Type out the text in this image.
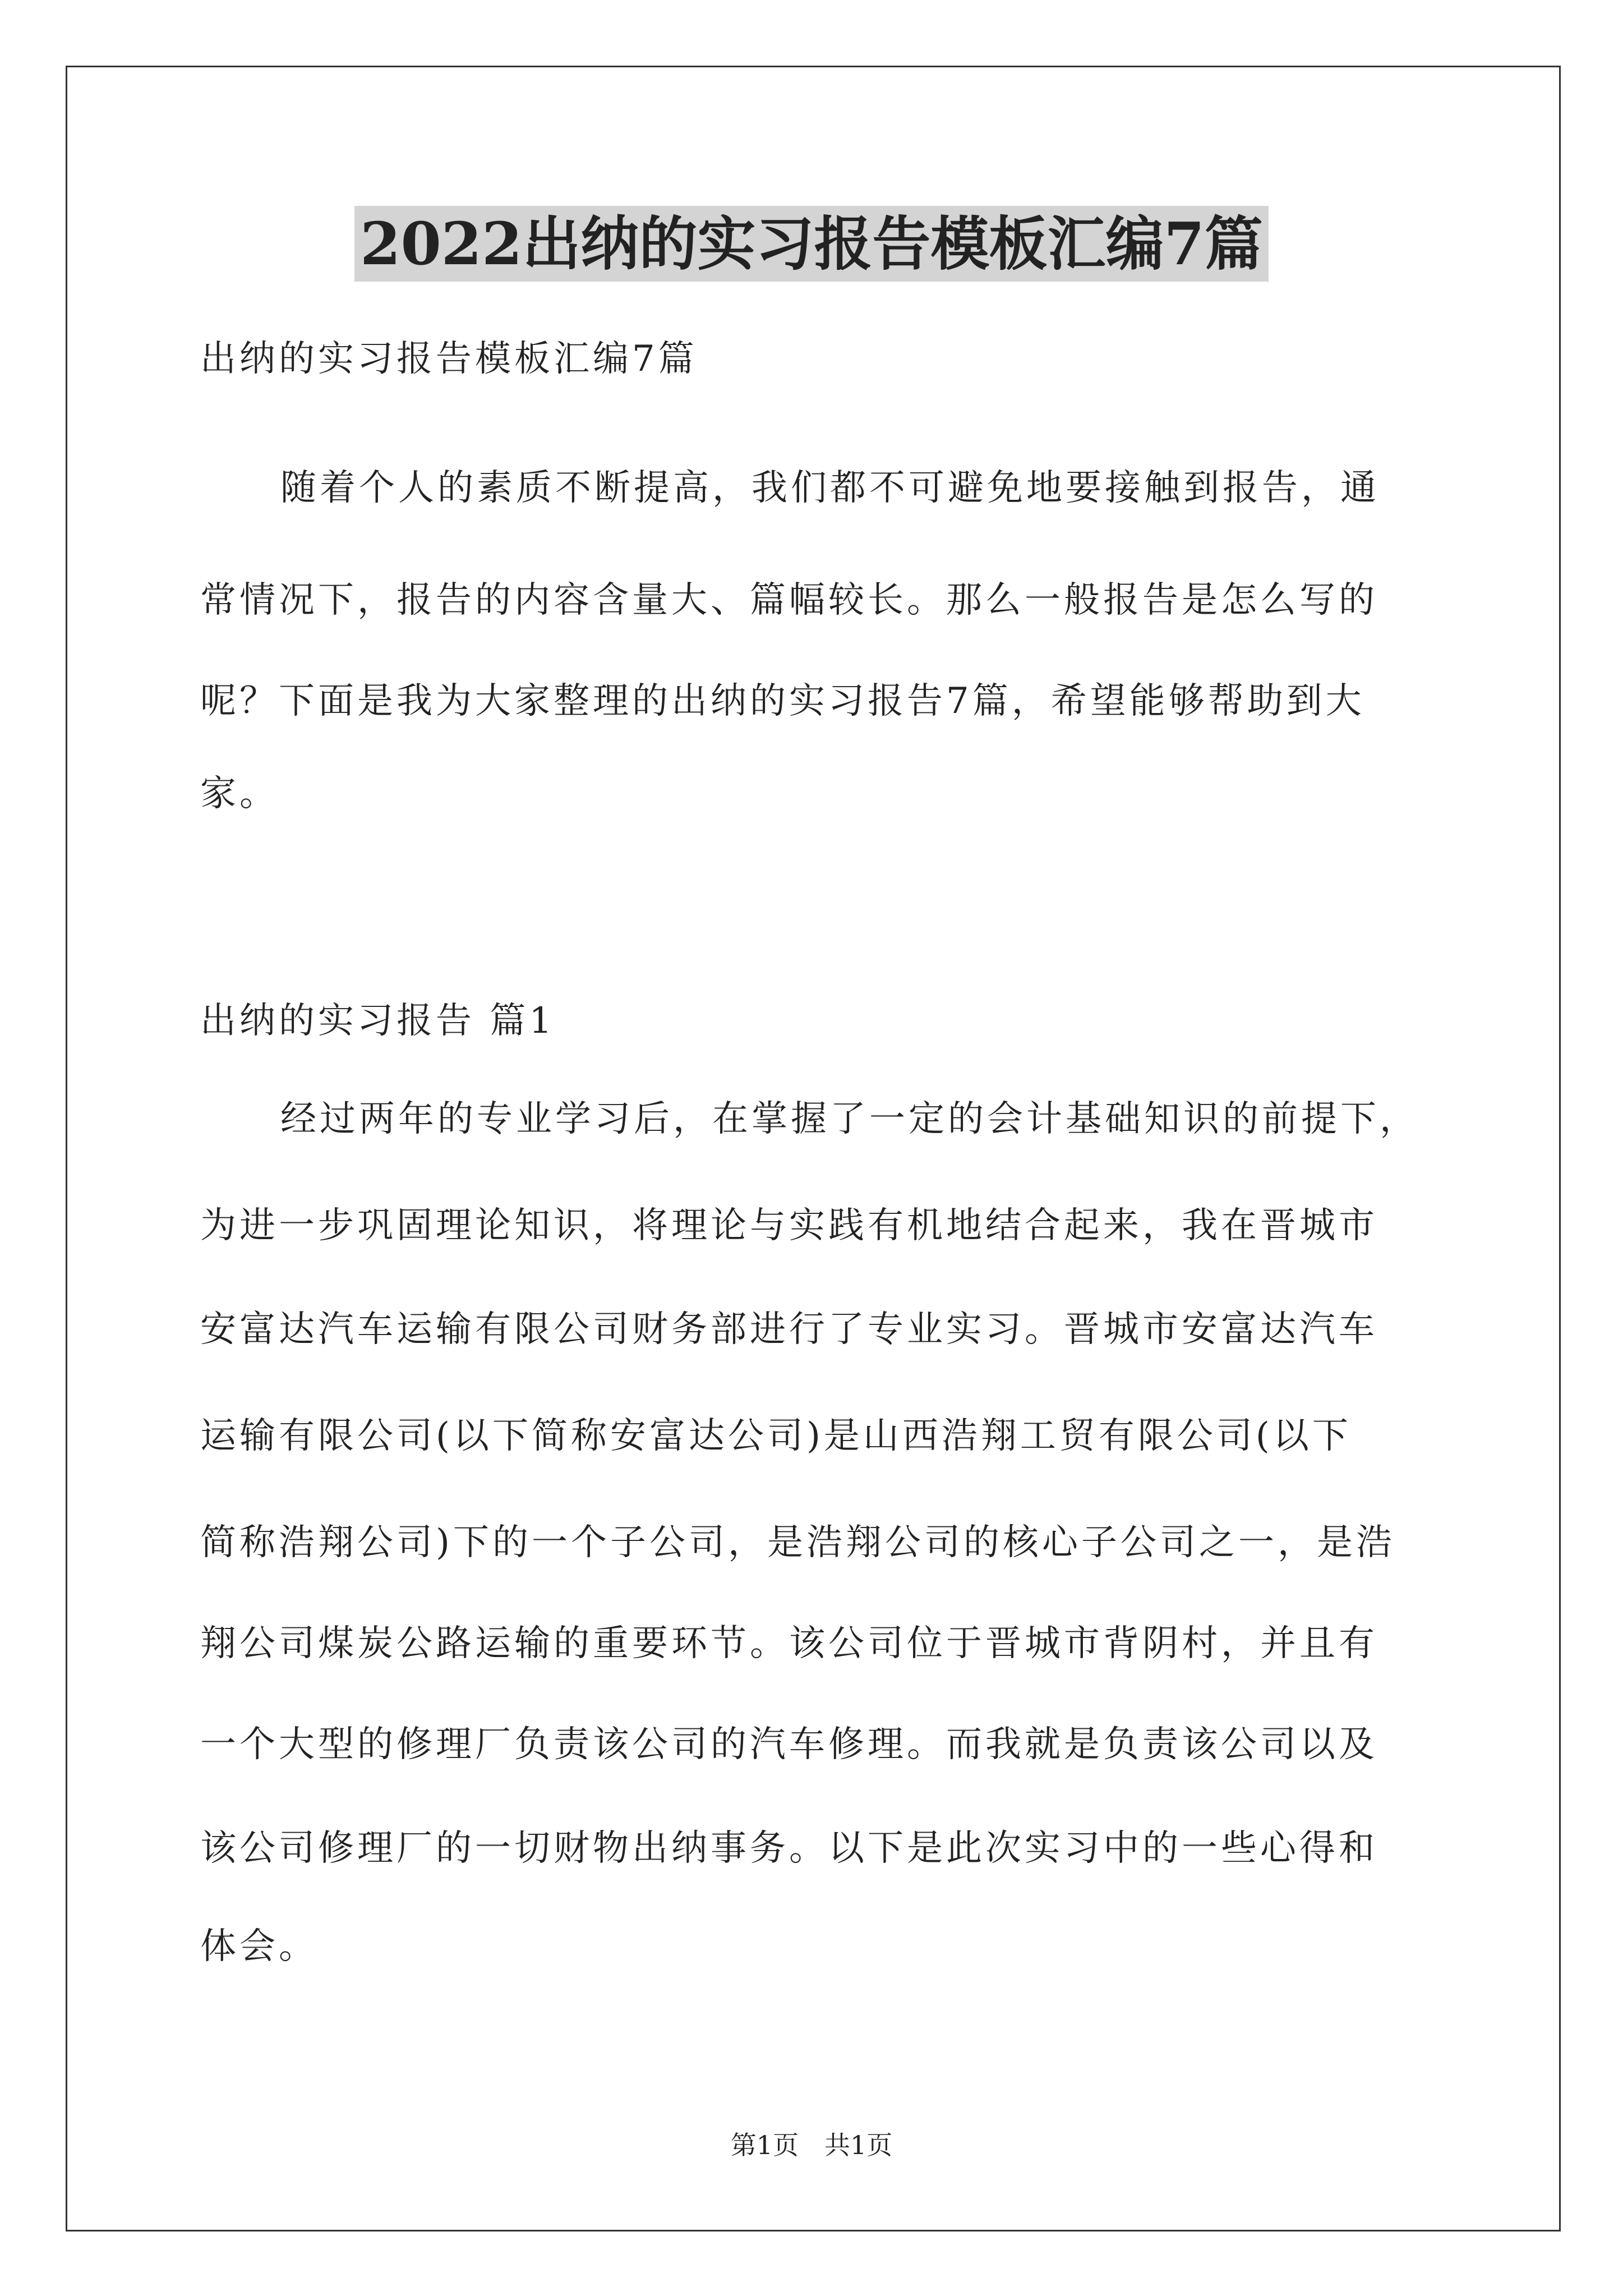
2022出纳的实习报告模板汇编7篇

出纳的实习报告模板汇编7篇

随着个人的素质不断提高，我们都不可避免地要接触到报告，通

常情况下，报告的内容含量大、篇幅较长。那么一般报告是怎么写的

呢？下面是我为大家整理的出纳的实习报告7篇，希望能够帮助到大

家。

出纳的实习报告 篇1

经过两年的专业学习后，在掌握了一定的会计基础知识的前提下，

为进一步巩固理论知识，将理论与实践有机地结合起来，我在晋城市

安富达汽车运输有限公司财务部进行了专业实习。晋城市安富达汽车

运输有限公司(以下简称安富达公司)是山西浩翔工贸有限公司(以下

简称浩翔公司)下的一个子公司，是浩翔公司的核心子公司之一，是浩

翔公司煤炭公路运输的重要环节。该公司位于晋城市背阴村，并且有

一个大型的修理厂负责该公司的汽车修理。而我就是负责该公司以及

该公司修理厂的一切财物出纳事务。以下是此次实习中的一些心得和

体会。

第1页　共1页
